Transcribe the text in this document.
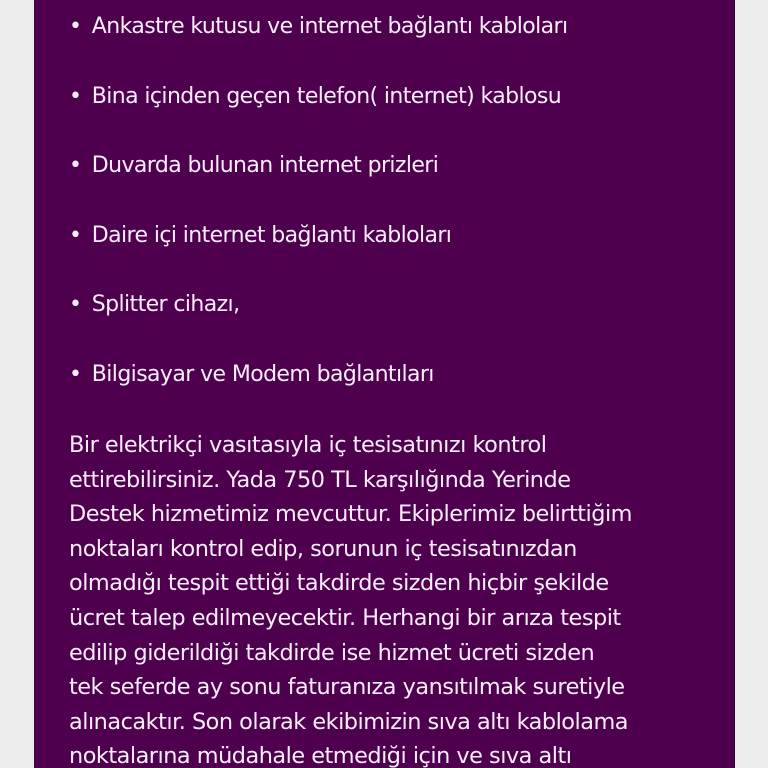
• Ankastre kutusu ve internet bağlantı kabloları
• Bina içinden geçen telefon( internet) kablosu
• Duvarda bulunan internet prizleri
• Daire içi internet bağlantı kabloları
• Splitter cihazı,
• Bilgisayar ve Modem bağlantıları
Bir elektrikçi vasıtasıyla iç tesisatınızı kontrol
ettirebilirsiniz. Yada 750 TL karşılığında Yerinde
Destek hizmetimiz mevcuttur. Ekiplerimiz belirttiğim
noktaları kontrol edip, sorunun iç tesisatınızdan
olmadığı tespit ettiği takdirde sizden hiçbir şekilde
ücret talep edilmeyecektir. Herhangi bir arıza tespit
edilip giderildiği takdirde ise hizmet ücreti sizden
tek seferde ay sonu faturanıza yansıtılmak suretiyle
alınacaktır. Son olarak ekibimizin sıva altı kablolama
noktalarına müdahale etmediği için ve sıva altı
